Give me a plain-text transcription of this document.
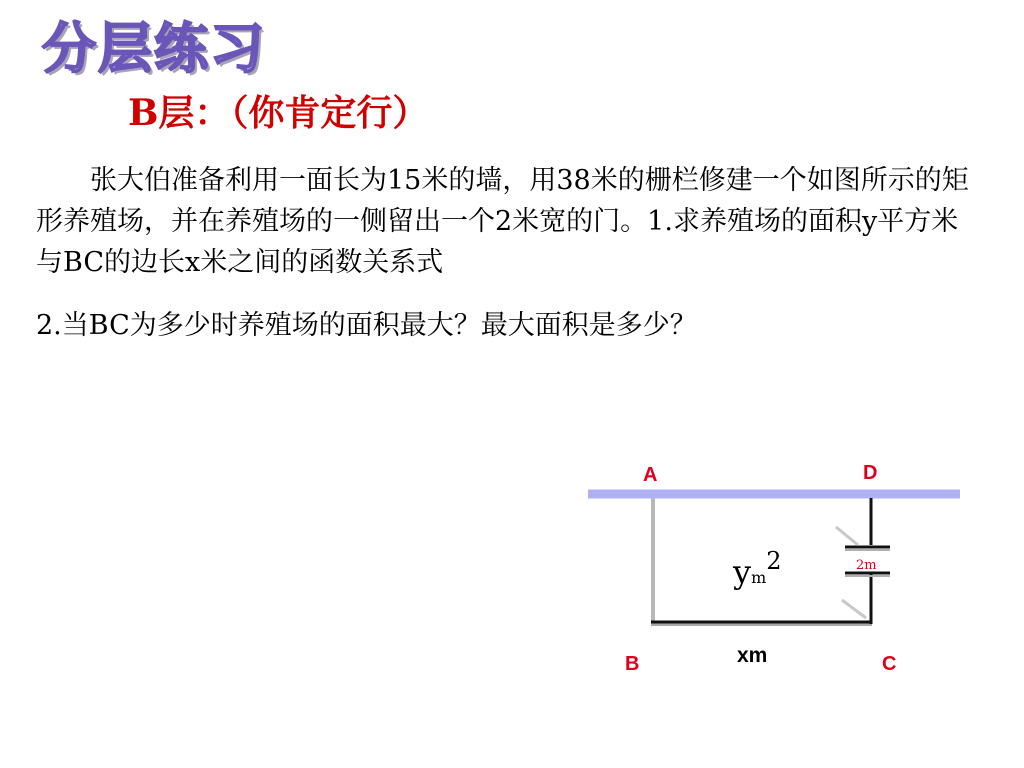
分层练习
B层：（你肯定行）

张大伯准备利用一面长为15米的墙，用38米的栅栏修建一个如图所示的矩形养殖场，并在养殖场的一侧留出一个2米宽的门。1.求养殖场的面积y平方米与BC的边长x米之间的函数关系式

2.当BC为多少时养殖场的面积最大？最大面积是多少？

A	D
B	C
ym2	2m
xm
